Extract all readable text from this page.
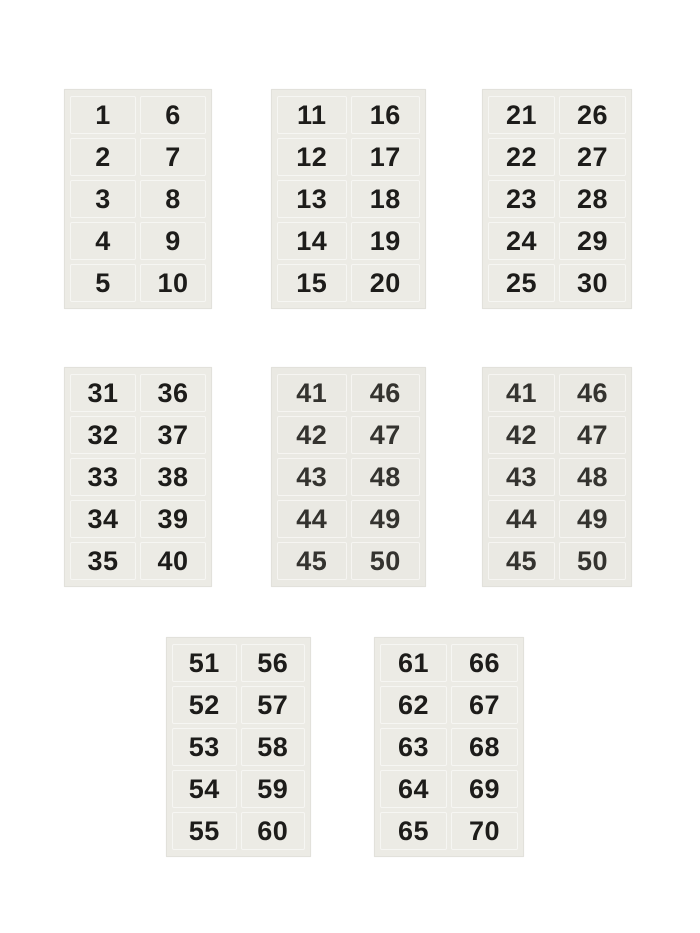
1
2
3
4
5
6
7
8
9
10
11
12
13
14
15
16
17
18
19
20
21
22
23
24
25
26
27
28
29
30
31
32
33
34
35
36
37
38
39
40
41
42
43
44
45
46
47
48
49
50
41
42
43
44
45
46
47
48
49
50
51
52
53
54
55
56
57
58
59
60
61
62
63
64
65
66
67
68
69
70
